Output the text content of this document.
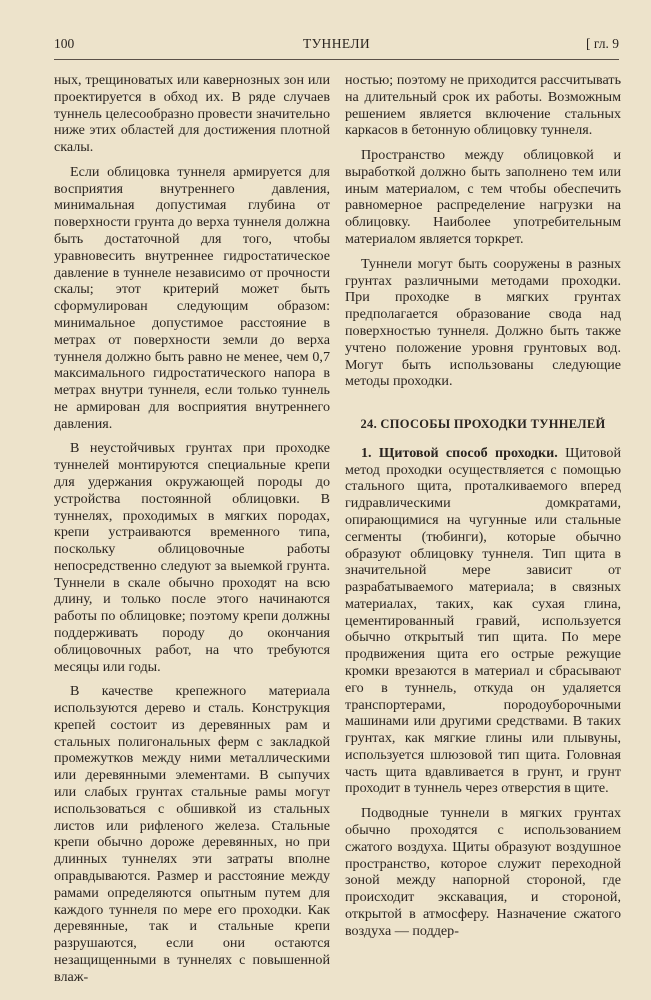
100	ТУННЕЛИ	[ гл. 9

ных, трещиноватых или кавернозных зон или проектируется в обход их. В ряде случаев туннель целесообразно провести значительно ниже этих областей для достижения плотной скалы.

Если облицовка туннеля армируется для восприятия внутреннего давления, минимальная допустимая глубина от поверхности грунта до верха туннеля должна быть достаточной для того, чтобы уравновесить внутреннее гидростатическое давление в туннеле независимо от прочности скалы; этот критерий может быть сформулирован следующим образом: минимальное допустимое расстояние в метрах от поверхности земли до верха туннеля должно быть равно не менее, чем 0,7 максимального гидростатического напора в метрах внутри туннеля, если только туннель не армирован для восприятия внутреннего давления.

В неустойчивых грунтах при проходке туннелей монтируются специальные крепи для удержания окружающей породы до устройства постоянной облицовки. В туннелях, проходимых в мягких породах, крепи устраиваются временного типа, поскольку облицовочные работы непосредственно следуют за выемкой грунта. Туннели в скале обычно проходят на всю длину, и только после этого начинаются работы по облицовке; поэтому крепи должны поддерживать породу до окончания облицовочных работ, на что требуются месяцы или годы.

В качестве крепежного материала используются дерево и сталь. Конструкция крепей состоит из деревянных рам и стальных полигональных ферм с закладкой промежутков между ними металлическими или деревянными элементами. В сыпучих или слабых грунтах стальные рамы могут использоваться с обшивкой из стальных листов или рифленого железа. Стальные крепи обычно дороже деревянных, но при длинных туннелях эти затраты вполне оправдываются. Размер и расстояние между рамами определяются опытным путем для каждого туннеля по мере его проходки. Как деревянные, так и стальные крепи разрушаются, если они остаются незащищенными в туннелях с повышенной влаж-

ностью; поэтому не приходится рассчитывать на длительный срок их работы. Возможным решением является включение стальных каркасов в бетонную облицовку туннеля.

Пространство между облицовкой и выработкой должно быть заполнено тем или иным материалом, с тем чтобы обеспечить равномерное распределение нагрузки на облицовку. Наиболее употребительным материалом является торкрет.

Туннели могут быть сооружены в разных грунтах различными методами проходки. При проходке в мягких грунтах предполагается образование свода над поверхностью туннеля. Должно быть также учтено положение уровня грунтовых вод. Могут быть использованы следующие методы проходки.

24. СПОСОБЫ ПРОХОДКИ ТУННЕЛЕЙ

1. Щитовой способ проходки. Щитовой метод проходки осуществляется с помощью стального щита, проталкиваемого вперед гидравлическими домкратами, опирающимися на чугунные или стальные сегменты (тюбинги), которые обычно образуют облицовку туннеля. Тип щита в значительной мере зависит от разрабатываемого материала; в связных материалах, таких, как сухая глина, цементированный гравий, используется обычно открытый тип щита. По мере продвижения щита его острые режущие кромки врезаются в материал и сбрасывают его в туннель, откуда он удаляется транспортерами, породоуборочными машинами или другими средствами. В таких грунтах, как мягкие глины или плывуны, используется шлюзовой тип щита. Головная часть щита вдавливается в грунт, и грунт проходит в туннель через отверстия в щите.

Подводные туннели в мягких грунтах обычно проходятся с использованием сжатого воздуха. Щиты образуют воздушное пространство, которое служит переходной зоной между напорной стороной, где происходит экскавация, и стороной, открытой в атмосферу. Назначение сжатого воздуха — поддер-
